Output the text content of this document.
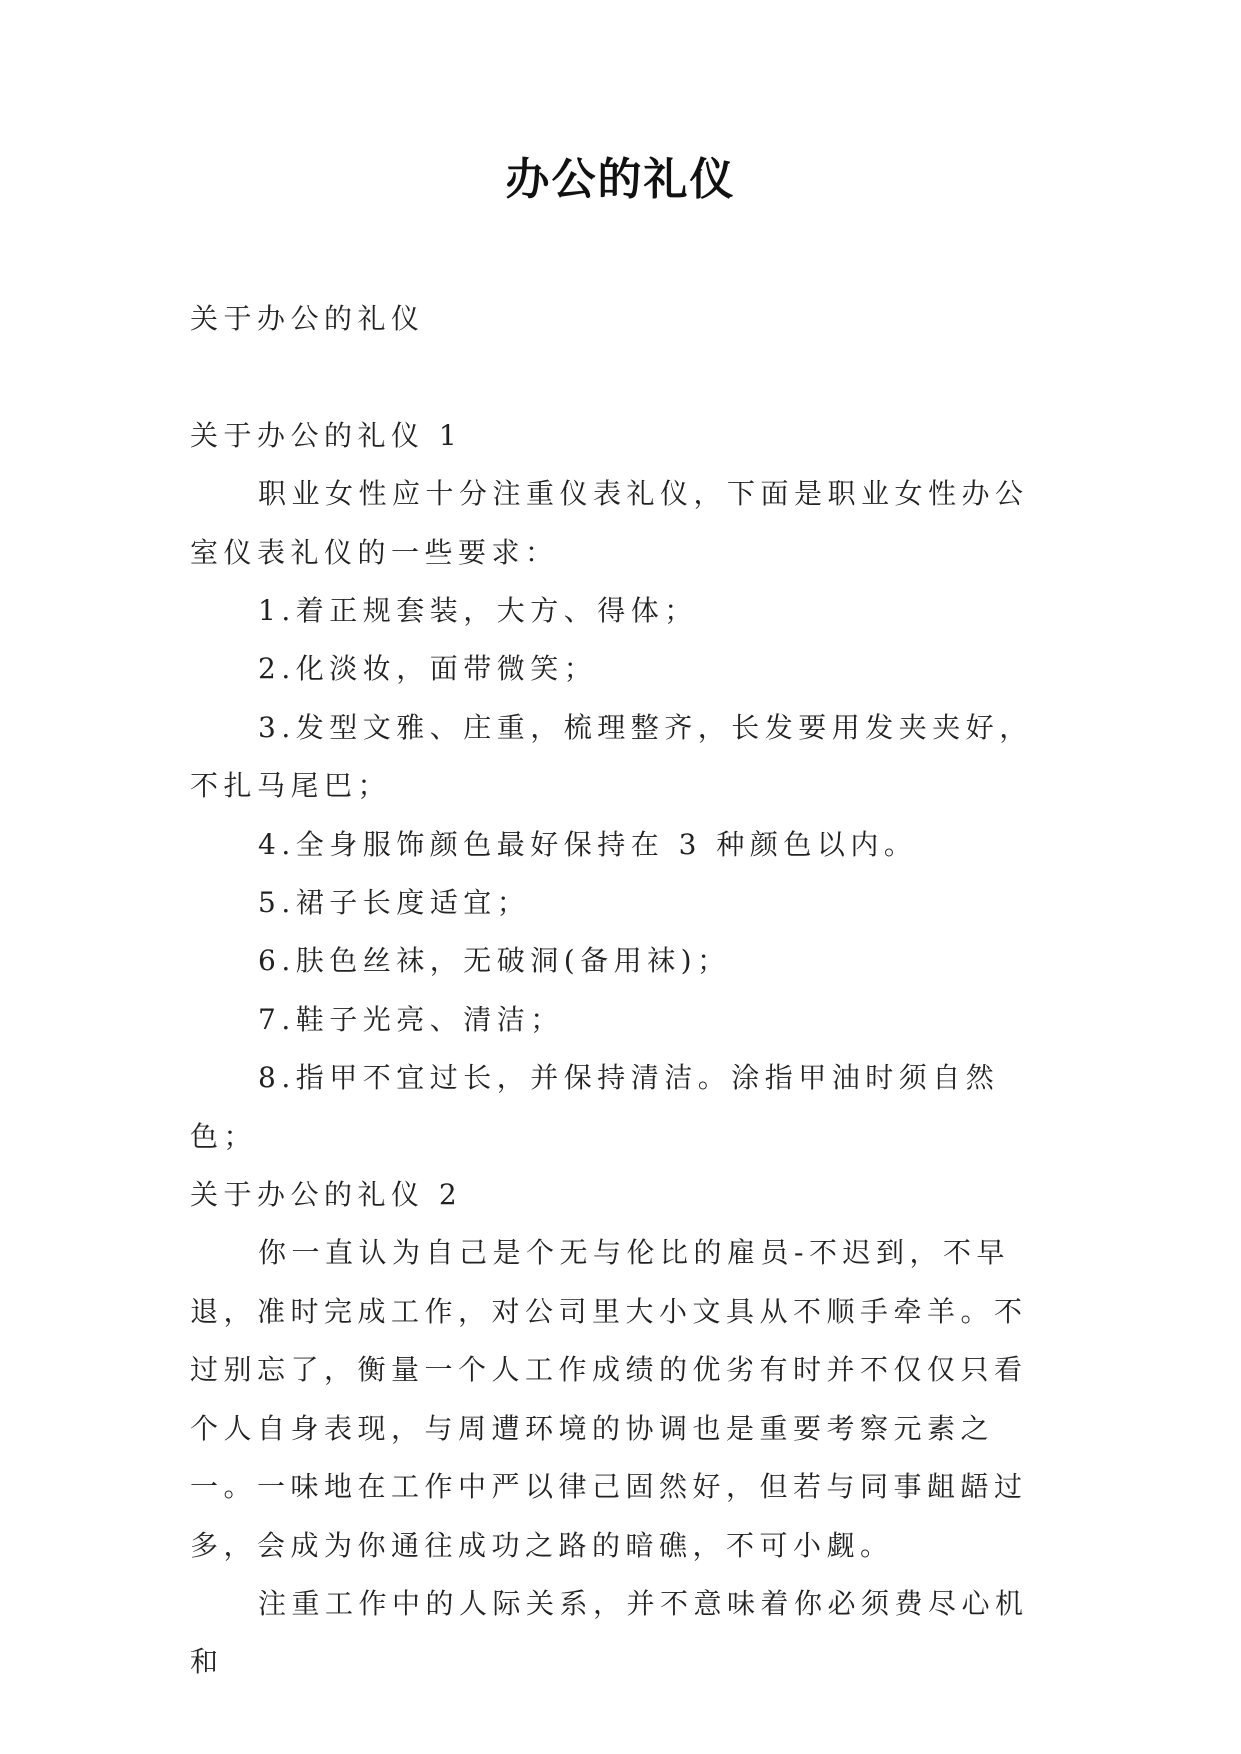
办公的礼仪

关于办公的礼仪

关于办公的礼仪 1

职业女性应十分注重仪表礼仪，下面是职业女性办公室仪表礼仪的一些要求：

1.着正规套装，大方、得体；

2.化淡妆，面带微笑；

3.发型文雅、庄重，梳理整齐，长发要用发夹夹好，不扎马尾巴；

4.全身服饰颜色最好保持在 3 种颜色以内。

5.裙子长度适宜；

6.肤色丝袜，无破洞(备用袜)；

7.鞋子光亮、清洁；

8.指甲不宜过长，并保持清洁。涂指甲油时须自然色；

关于办公的礼仪 2

你一直认为自己是个无与伦比的雇员-不迟到，不早退，准时完成工作，对公司里大小文具从不顺手牵羊。不过别忘了，衡量一个人工作成绩的优劣有时并不仅仅只看个人自身表现，与周遭环境的协调也是重要考察元素之一。一味地在工作中严以律己固然好，但若与同事龃龉过多，会成为你通往成功之路的暗礁，不可小觑。

注重工作中的人际关系，并不意味着你必须费尽心机和
